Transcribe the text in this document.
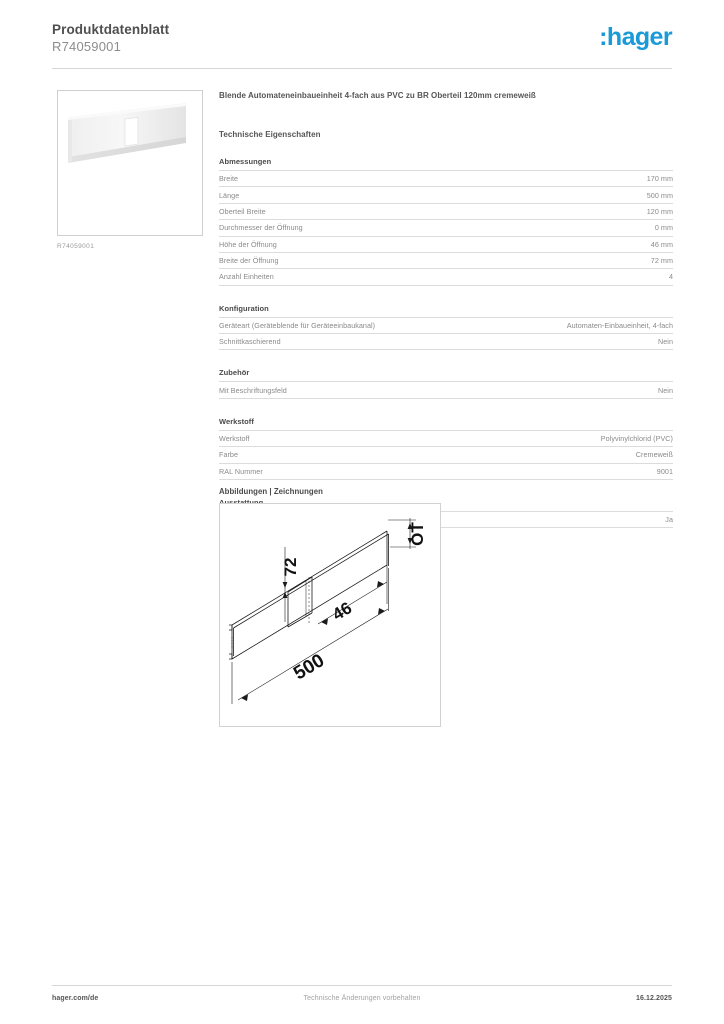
Produktdatenblatt
R74059001	:hager
R74059001
Blende Automateneinbaueinheit 4-fach aus PVC zu BR Oberteil 120mm cremeweiß
Technische Eigenschaften
Abmessungen
Breite	170 mm
Länge	500 mm
Oberteil Breite	120 mm
Durchmesser der Öffnung	0 mm
Höhe der Öffnung	46 mm
Breite der Öffnung	72 mm
Anzahl Einheiten	4
Konfiguration
Geräteart (Geräteblende für Geräteeinbaukanal)	Automaten-Einbaueinheit, 4-fach
Schnittkaschierend	Nein
Zubehör
Mit Beschriftungsfeld	Nein
Werkstoff
Werkstoff	Polyvinylchlorid (PVC)
Farbe	Cremeweiß
RAL Nummer	9001
Ja
Abbildungen | Zeichnungen
72
46
500
OT
hager.com/de	Technische Änderungen vorbehalten	16.12.2025
